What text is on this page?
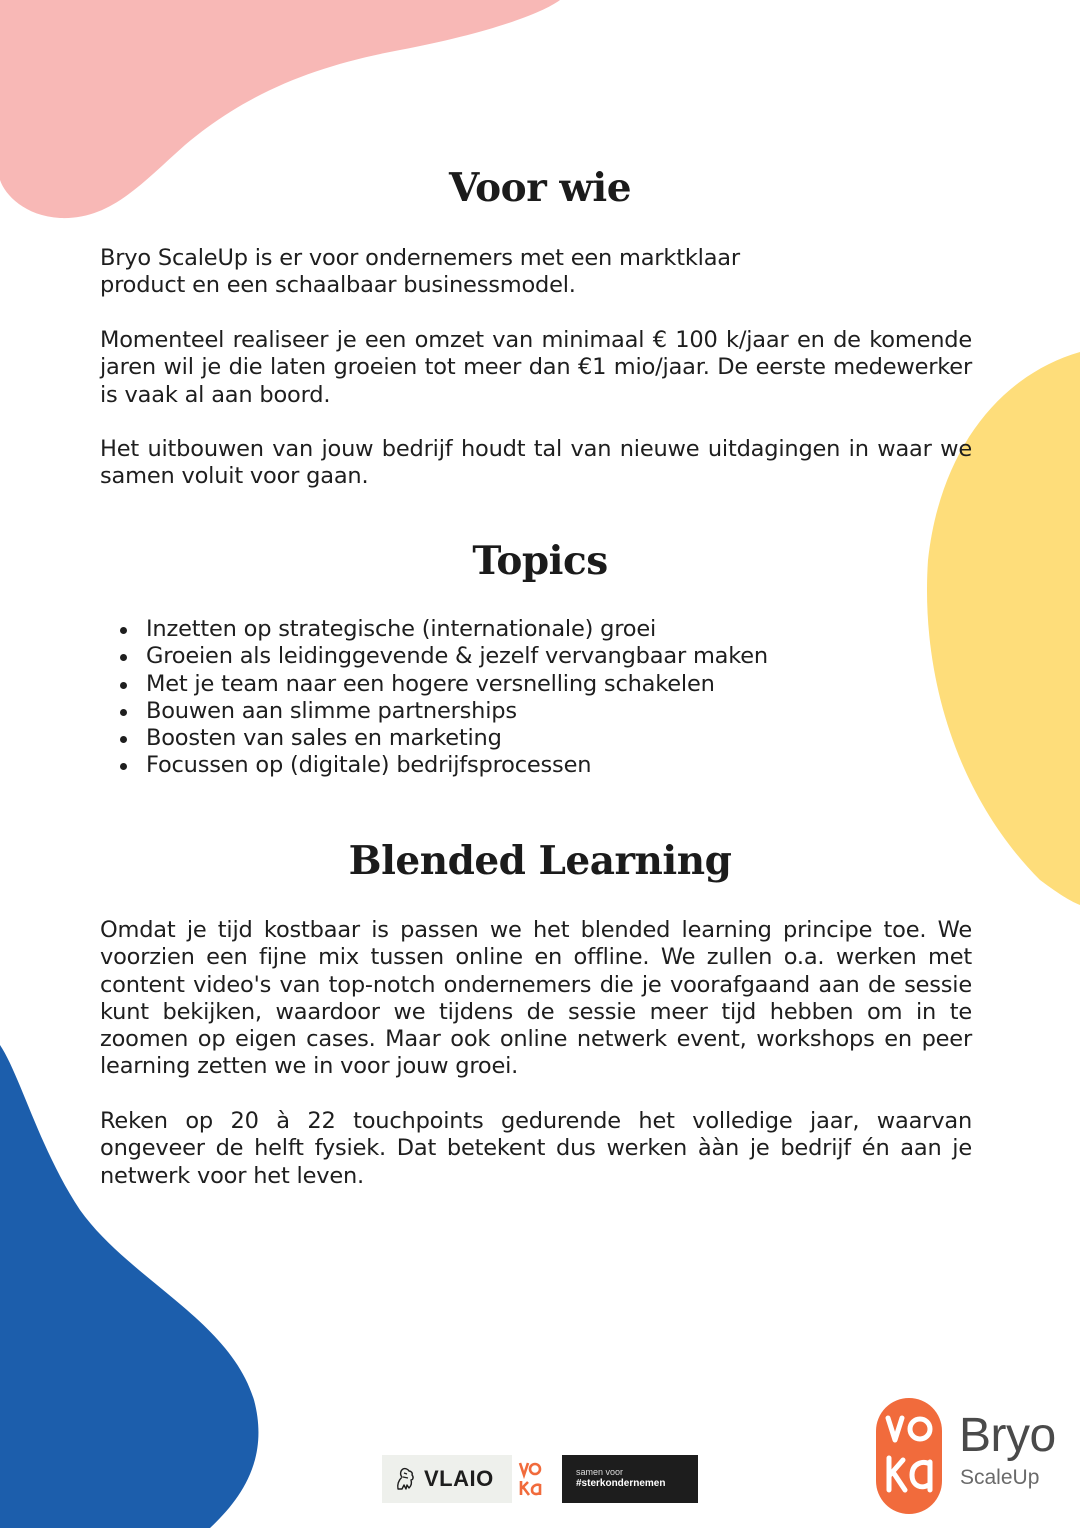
Voor wie

Bryo ScaleUp is er voor ondernemers met een marktklaar
product en een schaalbaar businessmodel.

Momenteel realiseer je een omzet van minimaal € 100 k/jaar en de komende jaren wil je die laten groeien tot meer dan €1 mio/jaar. De eerste medewerker is vaak al aan boord.

Het uitbouwen van jouw bedrijf houdt tal van nieuwe uitdagingen in waar we samen voluit voor gaan.

Topics
Inzetten op strategische (internationale) groei
Groeien als leidinggevende & jezelf vervangbaar maken
Met je team naar een hogere versnelling schakelen
Bouwen aan slimme partnerships
Boosten van sales en marketing
Focussen op (digitale) bedrijfsprocessen
Blended Learning

Omdat je tijd kostbaar is passen we het blended learning principe toe. We voorzien een fijne mix tussen online en offline. We zullen o.a. werken met content video's van top-notch ondernemers die je voorafgaand aan de sessie kunt bekijken, waardoor we tijdens de sessie meer tijd hebben om in te zoomen op eigen cases. Maar ook online netwerk event, workshops en peer learning zetten we in voor jouw groei.

Reken op 20 à 22 touchpoints gedurende het volledige jaar, waarvan ongeveer de helft fysiek. Dat betekent dus werken ààn je bedrijf én aan je netwerk voor het leven.

VLAIO	samen voor
#sterkondernemen
Bryo
ScaleUp
